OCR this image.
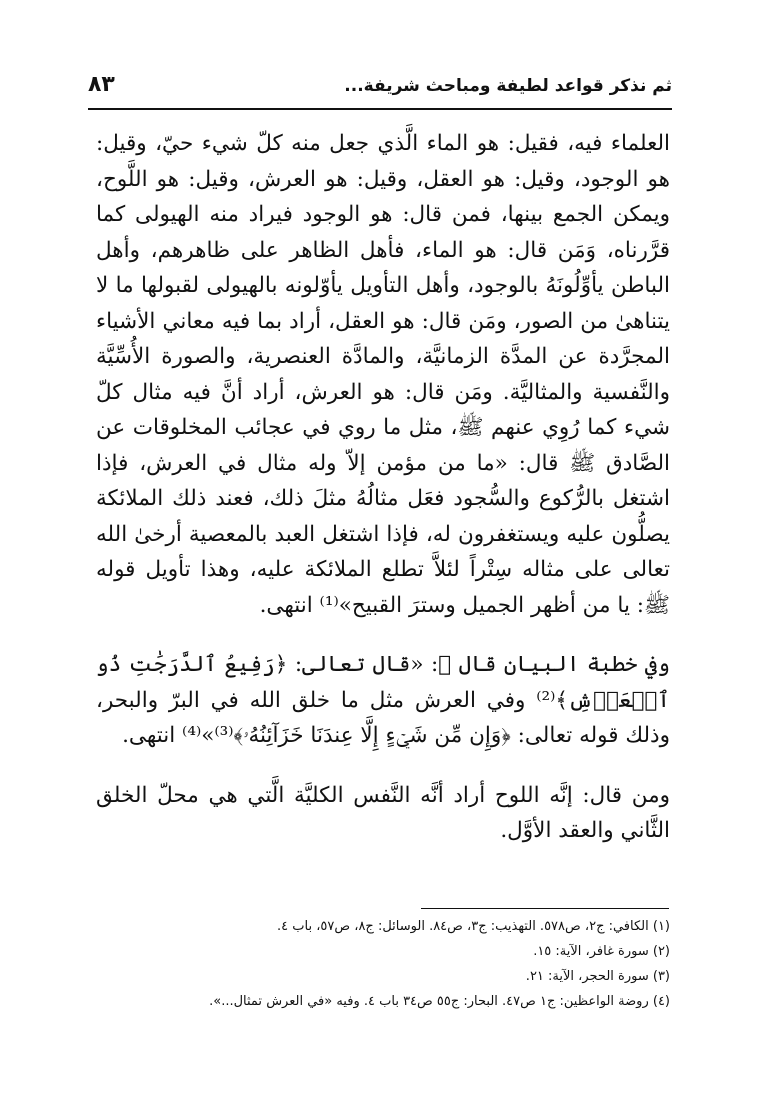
ثم نذكر قواعد لطيفة ومباحث شريفة...
٨٣

العلماء فيه، فقيل: هو الماء الَّذي جعل منه كلّ شيء حيّ، وقيل: هو الوجود، وقيل: هو العقل، وقيل: هو العرش، وقيل: هو اللَّوح، ويمكن الجمع بينها، فمن قال: هو الوجود فيراد منه الهيولى كما قرَّرناه، وَمَن قال: هو الماء، فأهل الظاهر على ظاهرهم، وأهل الباطن يأوِّلُونَهُ بالوجود، وأهل التأويل يأوّلونه بالهيولى لقبولها ما لا يتناهىٰ من الصور، ومَن قال: هو العقل، أراد بما فيه معاني الأشياء المجرَّدة عن المدَّة الزمانيَّة، والمادَّة العنصرية، والصورة الأُسِّيَّة والنَّفسية والمثاليَّة. ومَن قال: هو العرش، أراد أنَّ فيه مثال كلّ شيء كما رُوِي عنهم ﷺ، مثل ما روي في عجائب المخلوقات عن الصَّادق ﷺ قال: «ما من مؤمن إلاّ وله مثال في العرش، فإذا اشتغل بالرُّكوع والسُّجود فعَل مثالُهُ مثلَ ذلك، فعند ذلك الملائكة يصلُّون عليه ويستغفرون له، فإذا اشتغل العبد بالمعصية أرخىٰ الله تعالى على مثاله سِتْراً لئلاَّ تطلع الملائكة عليه، وهذا تأويل قوله ﷺ: يا من أظهر الجميل وسترَ القبيح»⁽¹⁾ انتهى.

وفي خطبة البيان قال ﷺ: «قال تعالى: ﴿رَفِيعُ ٱلدَّرَجَٰتِ ذُو ٱلۡعَرۡشِ﴾⁽²⁾ وفي العرش مثل ما خلق الله في البرّ والبحر، وذلك قوله تعالى: ﴿وَإِن مِّن شَيۡءٍ إِلَّا عِندَنَا خَزَآئِنُهُۥ﴾⁽³⁾»⁽⁴⁾ انتهى.

ومن قال: إنَّه اللوح أراد أنَّه النَّفس الكليَّة الَّتي هي محلّ الخلق الثَّاني والعقد الأوَّل.

(١) الكافي: ج٢، ص٥٧٨. التهذيب: ج٣، ص٨٤. الوسائل: ج٨، ص٥٧، باب ٤.
(٢) سورة غافر، الآية: ١٥.
(٣) سورة الحجر، الآية: ٢١.
(٤) روضة الواعظين: ج١ ص٤٧. البحار: ج٥٥ ص٣٤ باب ٤. وفيه «في العرش تمثال...».
